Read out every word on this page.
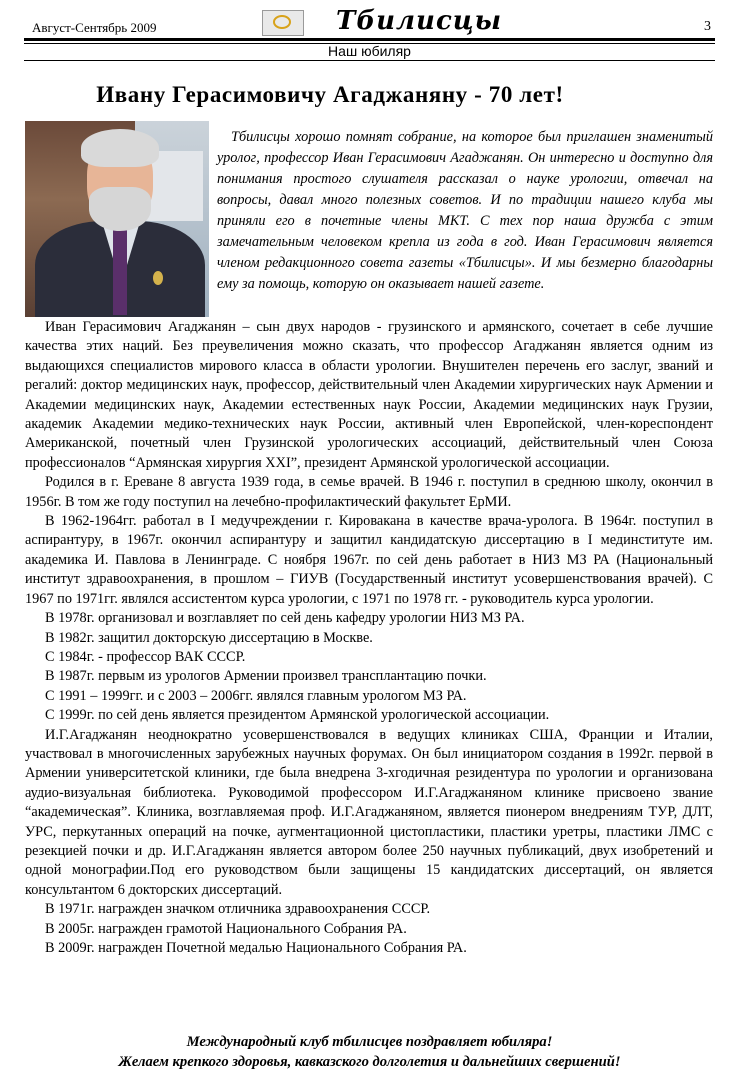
Август-Сентябрь 2009	Тбилисцы	3
Наш юбиляр
Ивану Герасимовичу Агаджаняну - 70 лет!

Тбилисцы хорошо помнят собрание, на которое был приглашен знаменитый уролог, профессор Иван Герасимович Агаджанян. Он интересно и доступно для понимания простого слушателя рассказал о науке урологии, отвечал на вопросы, давал много полезных советов. И по традиции нашего клуба мы приняли его в почетные члены МКТ. С тех пор наша дружба с этим замечательным человеком крепла из года в год. Иван Герасимович является членом редакционного совета газеты «Тбилисцы». И мы безмерно благодарны ему за помощь, которую он оказывает нашей газете.

Иван Герасимович Агаджанян – сын двух народов - грузинского и армянского, сочетает в себе лучшие качества этих наций. Без преувеличения можно сказать, что профессор Агаджанян является одним из выдающихся специалистов мирового класса в области урологии. Внушителен перечень его заслуг, званий и регалий: доктор медицинских наук, профессор, действительный член Академии хирургических наук Армении и Академии медицинских наук, Академии естественных наук России, Академии медицинских наук Грузии, академик Академии медико-технических наук России, активный член Европейской, член-кореспондент Американской, почетный член Грузинской урологических ассоциаций, действительный член Союза профессионалов “Армянская хирургия XXI”, президент Армянской урологической ассоциации.

Родился в г. Ереване 8 августа 1939 года, в семье врачей. В 1946 г. поступил в среднюю школу, окончил в 1956г. В том же году поступил на лечебно-профилактический факультет ЕрМИ.

В 1962-1964гг. работал в I медучреждении г. Кировакана в качестве врача-уролога. В 1964г. поступил в аспирантуру, в 1967г. окончил аспирантуру и защитил кандидатскую диссертацию в I мединституте им. академика И. Павлова в Ленинграде. С ноября 1967г. по сей день работает в НИЗ МЗ РА (Национальный институт здравоохранения, в прошлом – ГИУВ (Государственный институт усовершенствования врачей). С 1967 по 1971гг. являлся ассистентом курса урологии, с 1971 по 1978 гг. - руководитель курса урологии.

В 1978г. организовал и возглавляет по сей день кафедру урологии НИЗ МЗ РА.

В 1982г. защитил докторскую диссертацию в Москве.

С 1984г. - профессор ВАК СССР.

В 1987г. первым из урологов Армении произвел трансплантацию почки.

С 1991 – 1999гг. и с 2003 – 2006гг. являлся главным урологом МЗ РА.

С 1999г. по сей день является президентом Армянской урологической ассоциации.

И.Г.Агаджанян неоднократно усовершенствовался в ведущих клиниках США, Франции и Италии, участвовал в многочисленных зарубежных научных форумах. Он был инициатором создания в 1992г. первой в Армении университетской клиники, где была внедрена 3-хгодичная резидентура по урологии и организована аудио-визуальная библиотека. Руководимой профессором И.Г.Агаджаняном клинике присвоено звание “академическая”. Клиника, возглавляемая проф. И.Г.Агаджаняном, является пионером внедрениям ТУР, ДЛТ, УРС, перкутанных операций на почке, аугментационной цистопластики, пластики уретры, пластики ЛМС с резекцией почки и др. И.Г.Агаджанян является автором более 250 научных публикаций, двух изобретений и одной монографии.Под его руководством были защищены 15 кандидатских диссертаций, он является консультантом 6 докторских диссертаций.

В 1971г. награжден значком отличника здравоохранения СССР.

В 2005г. награжден грамотой Национального Собрания РА.

В 2009г. награжден Почетной медалью Национального Собрания РА.

Международный клуб тбилисцев поздравляет юбиляра!
Желаем крепкого здоровья, кавказского долголетия и дальнейших свершений!
